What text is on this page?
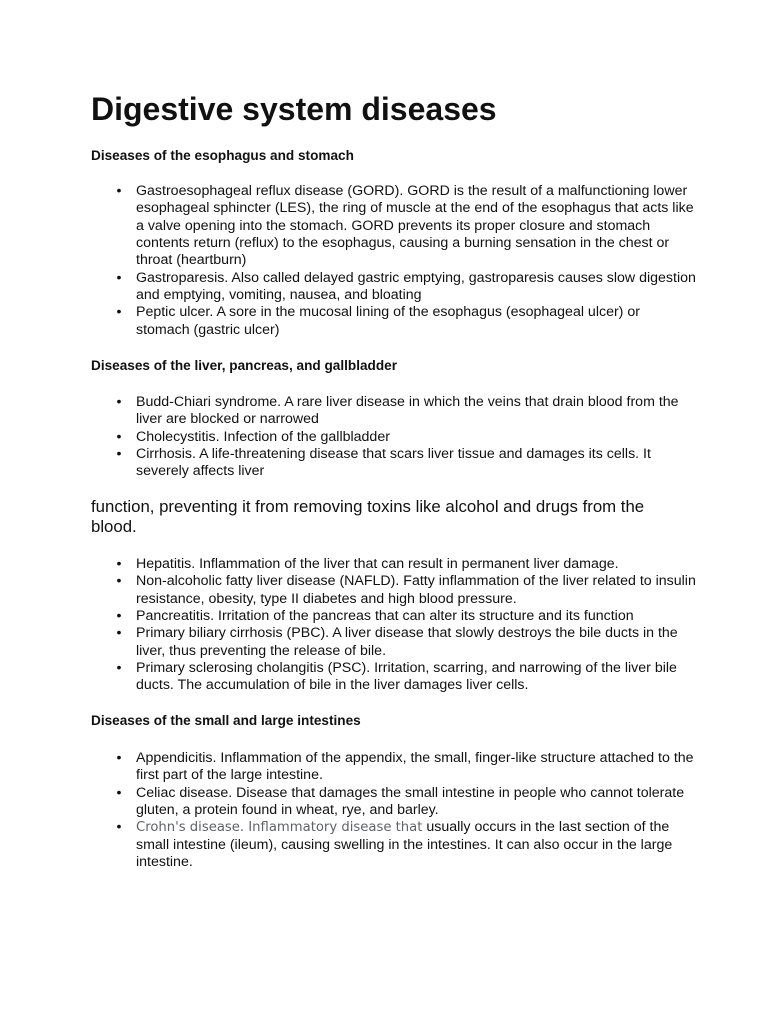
Digestive system diseases
Diseases of the esophagus and stomach
• Gastroesophageal reflux disease (GORD). GORD is the result of a malfunctioning lower esophageal sphincter (LES), the ring of muscle at the end of the esophagus that acts like a valve opening into the stomach. GORD prevents its proper closure and stomach contents return (reflux) to the esophagus, causing a burning sensation in the chest or throat (heartburn)
• Gastroparesis. Also called delayed gastric emptying, gastroparesis causes slow digestion and emptying, vomiting, nausea, and bloating
• Peptic ulcer. A sore in the mucosal lining of the esophagus (esophageal ulcer) or stomach (gastric ulcer)
Diseases of the liver, pancreas, and gallbladder
• Budd-Chiari syndrome. A rare liver disease in which the veins that drain blood from the liver are blocked or narrowed
• Cholecystitis. Infection of the gallbladder
• Cirrhosis. A life-threatening disease that scars liver tissue and damages its cells. It severely affects liver

function, preventing it from removing toxins like alcohol and drugs from the blood.

• Hepatitis. Inflammation of the liver that can result in permanent liver damage.
• Non-alcoholic fatty liver disease (NAFLD). Fatty inflammation of the liver related to insulin resistance, obesity, type II diabetes and high blood pressure.
• Pancreatitis. Irritation of the pancreas that can alter its structure and its function
• Primary biliary cirrhosis (PBC). A liver disease that slowly destroys the bile ducts in the liver, thus preventing the release of bile.
• Primary sclerosing cholangitis (PSC). Irritation, scarring, and narrowing of the liver bile ducts. The accumulation of bile in the liver damages liver cells.
Diseases of the small and large intestines
• Appendicitis. Inflammation of the appendix, the small, finger-like structure attached to the first part of the large intestine.
• Celiac disease. Disease that damages the small intestine in people who cannot tolerate gluten, a protein found in wheat, rye, and barley.
• Crohn's disease. Inflammatory disease that usually occurs in the last section of the small intestine (ileum), causing swelling in the intestines. It can also occur in the large intestine.
